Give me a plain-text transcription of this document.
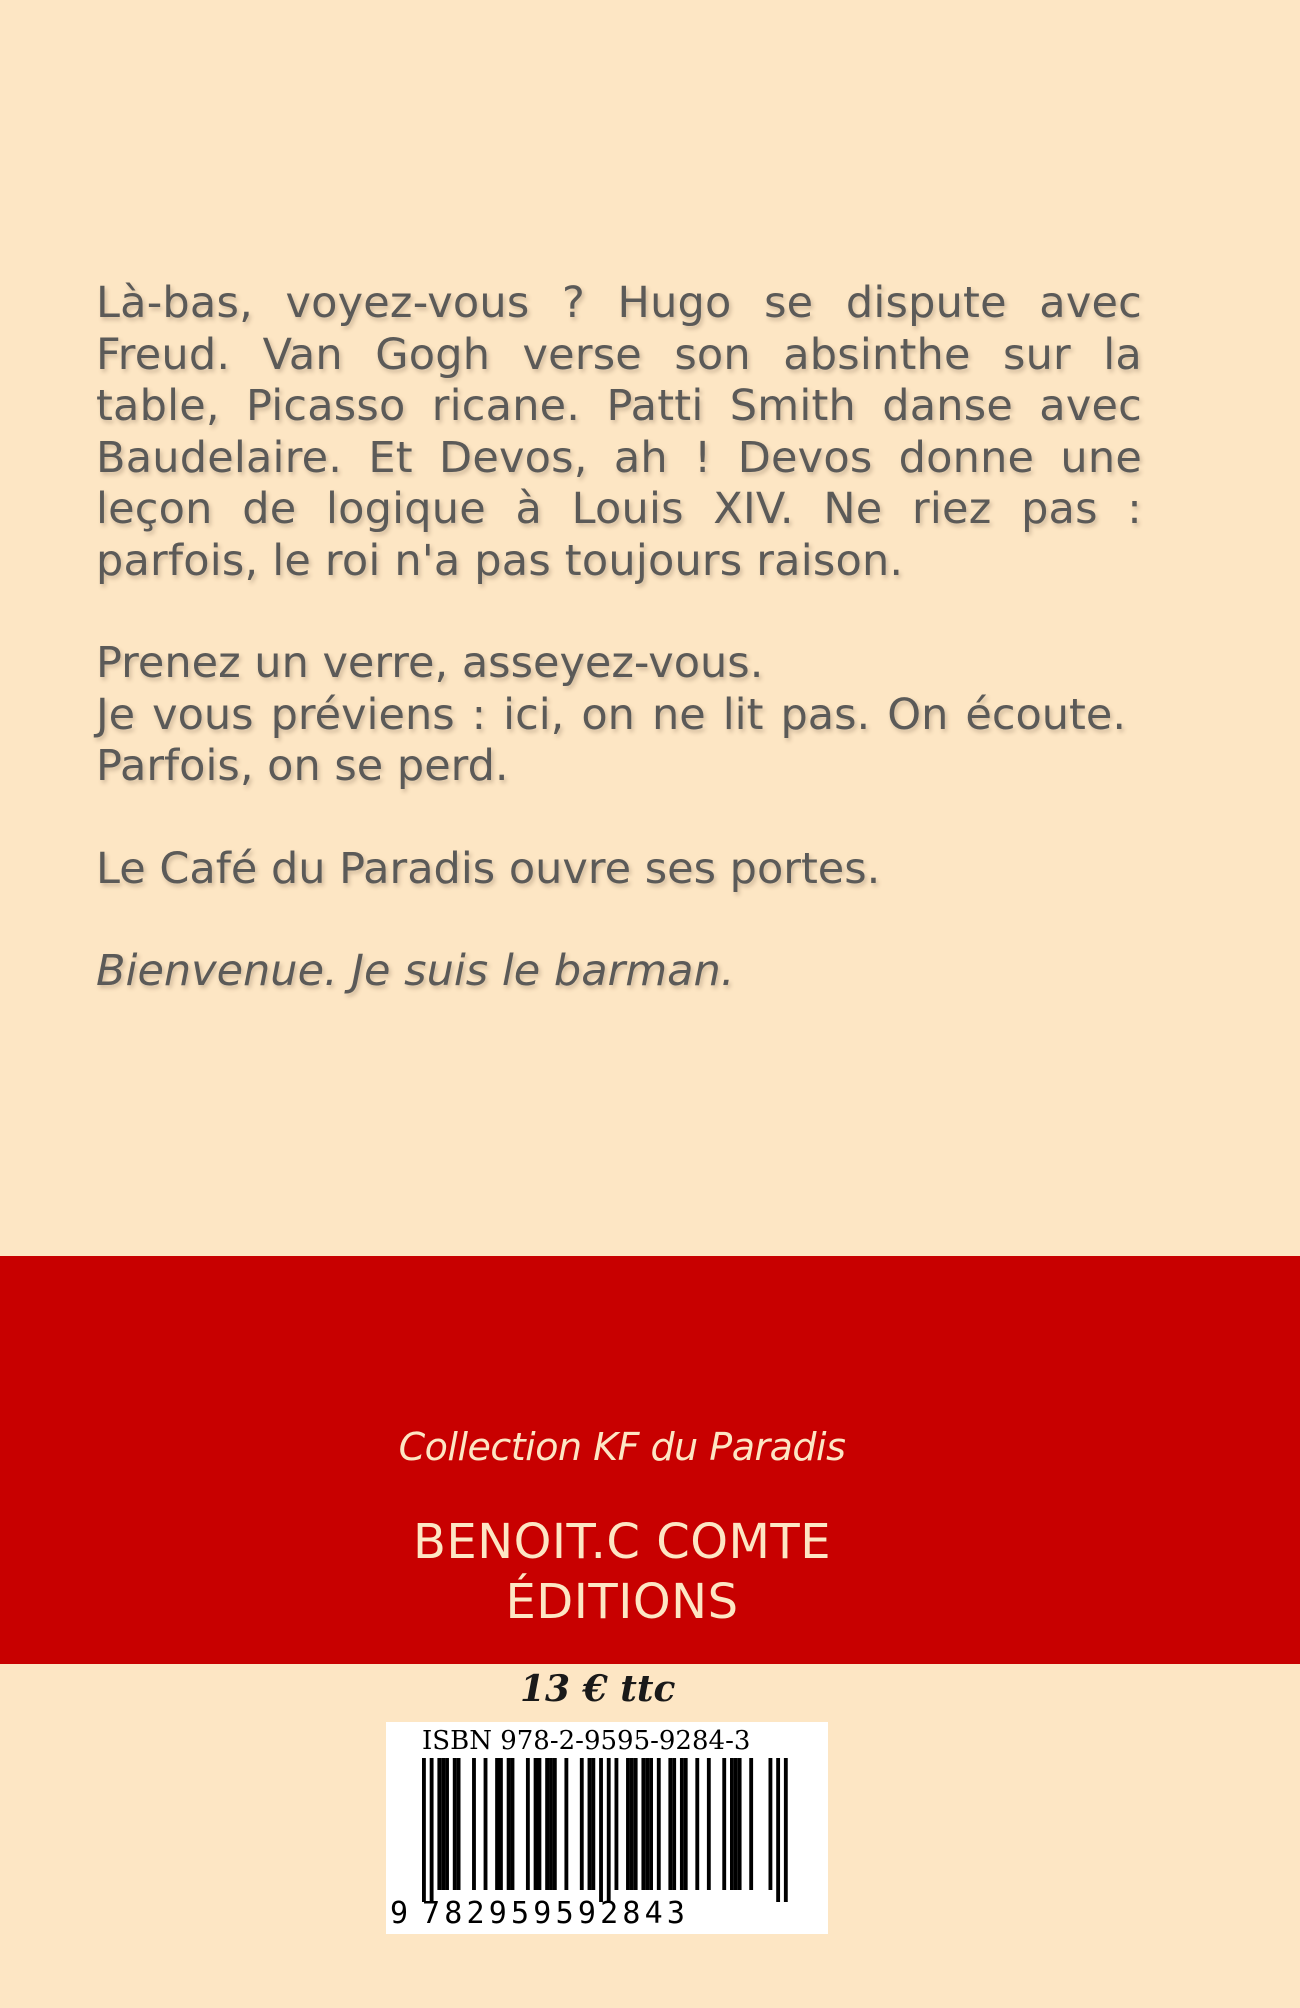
Là-bas, voyez-vous ? Hugo se dispute avec Freud. Van Gogh verse son absinthe sur la table, Picasso ricane. Patti Smith danse avec Baudelaire. Et Devos, ah ! Devos donne une leçon de logique à Louis XIV. Ne riez pas : parfois, le roi n'a pas toujours raison.

Prenez un verre, asseyez-vous.

Je vous préviens : ici, on ne lit pas. On écoute. Parfois, on se perd.

Le Café du Paradis ouvre ses portes.

Bienvenue. Je suis le barman.

Collection KF du Paradis
BENOIT.C COMTE
ÉDITIONS
13 € ttc
ISBN 978-2-9595-9284-3
9 782959592843
